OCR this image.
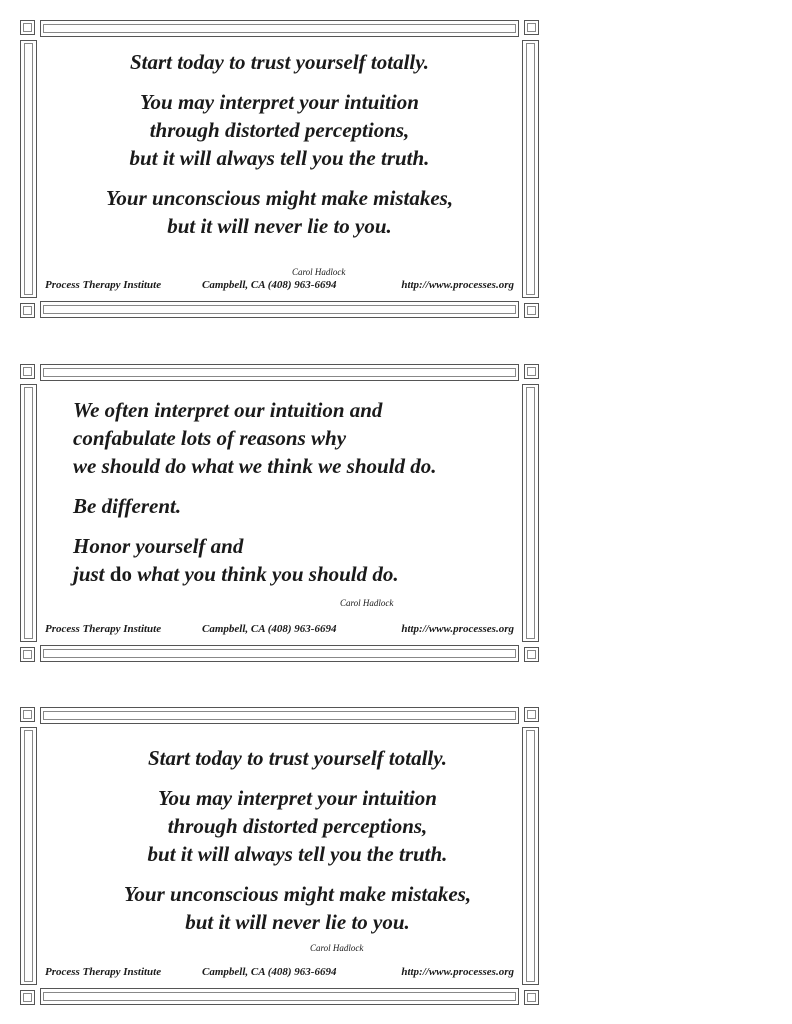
Start today to trust yourself totally.

You may interpret your intuition
through distorted perceptions,
but it will always tell you the truth.

Your unconscious might make mistakes,
but it will never lie to you.

Carol Hadlock
Process Therapy Institute	Campbell, CA (408) 963-6694	http://www.processes.org

We often interpret our intuition and
confabulate lots of reasons why
we should do what we think we should do.

Be different.

Honor yourself and
just do what you think you should do.

Carol Hadlock
Process Therapy Institute	Campbell, CA (408) 963-6694	http://www.processes.org

Start today to trust yourself totally.

You may interpret your intuition
through distorted perceptions,
but it will always tell you the truth.

Your unconscious might make mistakes,
but it will never lie to you.

Carol Hadlock
Process Therapy Institute	Campbell, CA (408) 963-6694	http://www.processes.org
